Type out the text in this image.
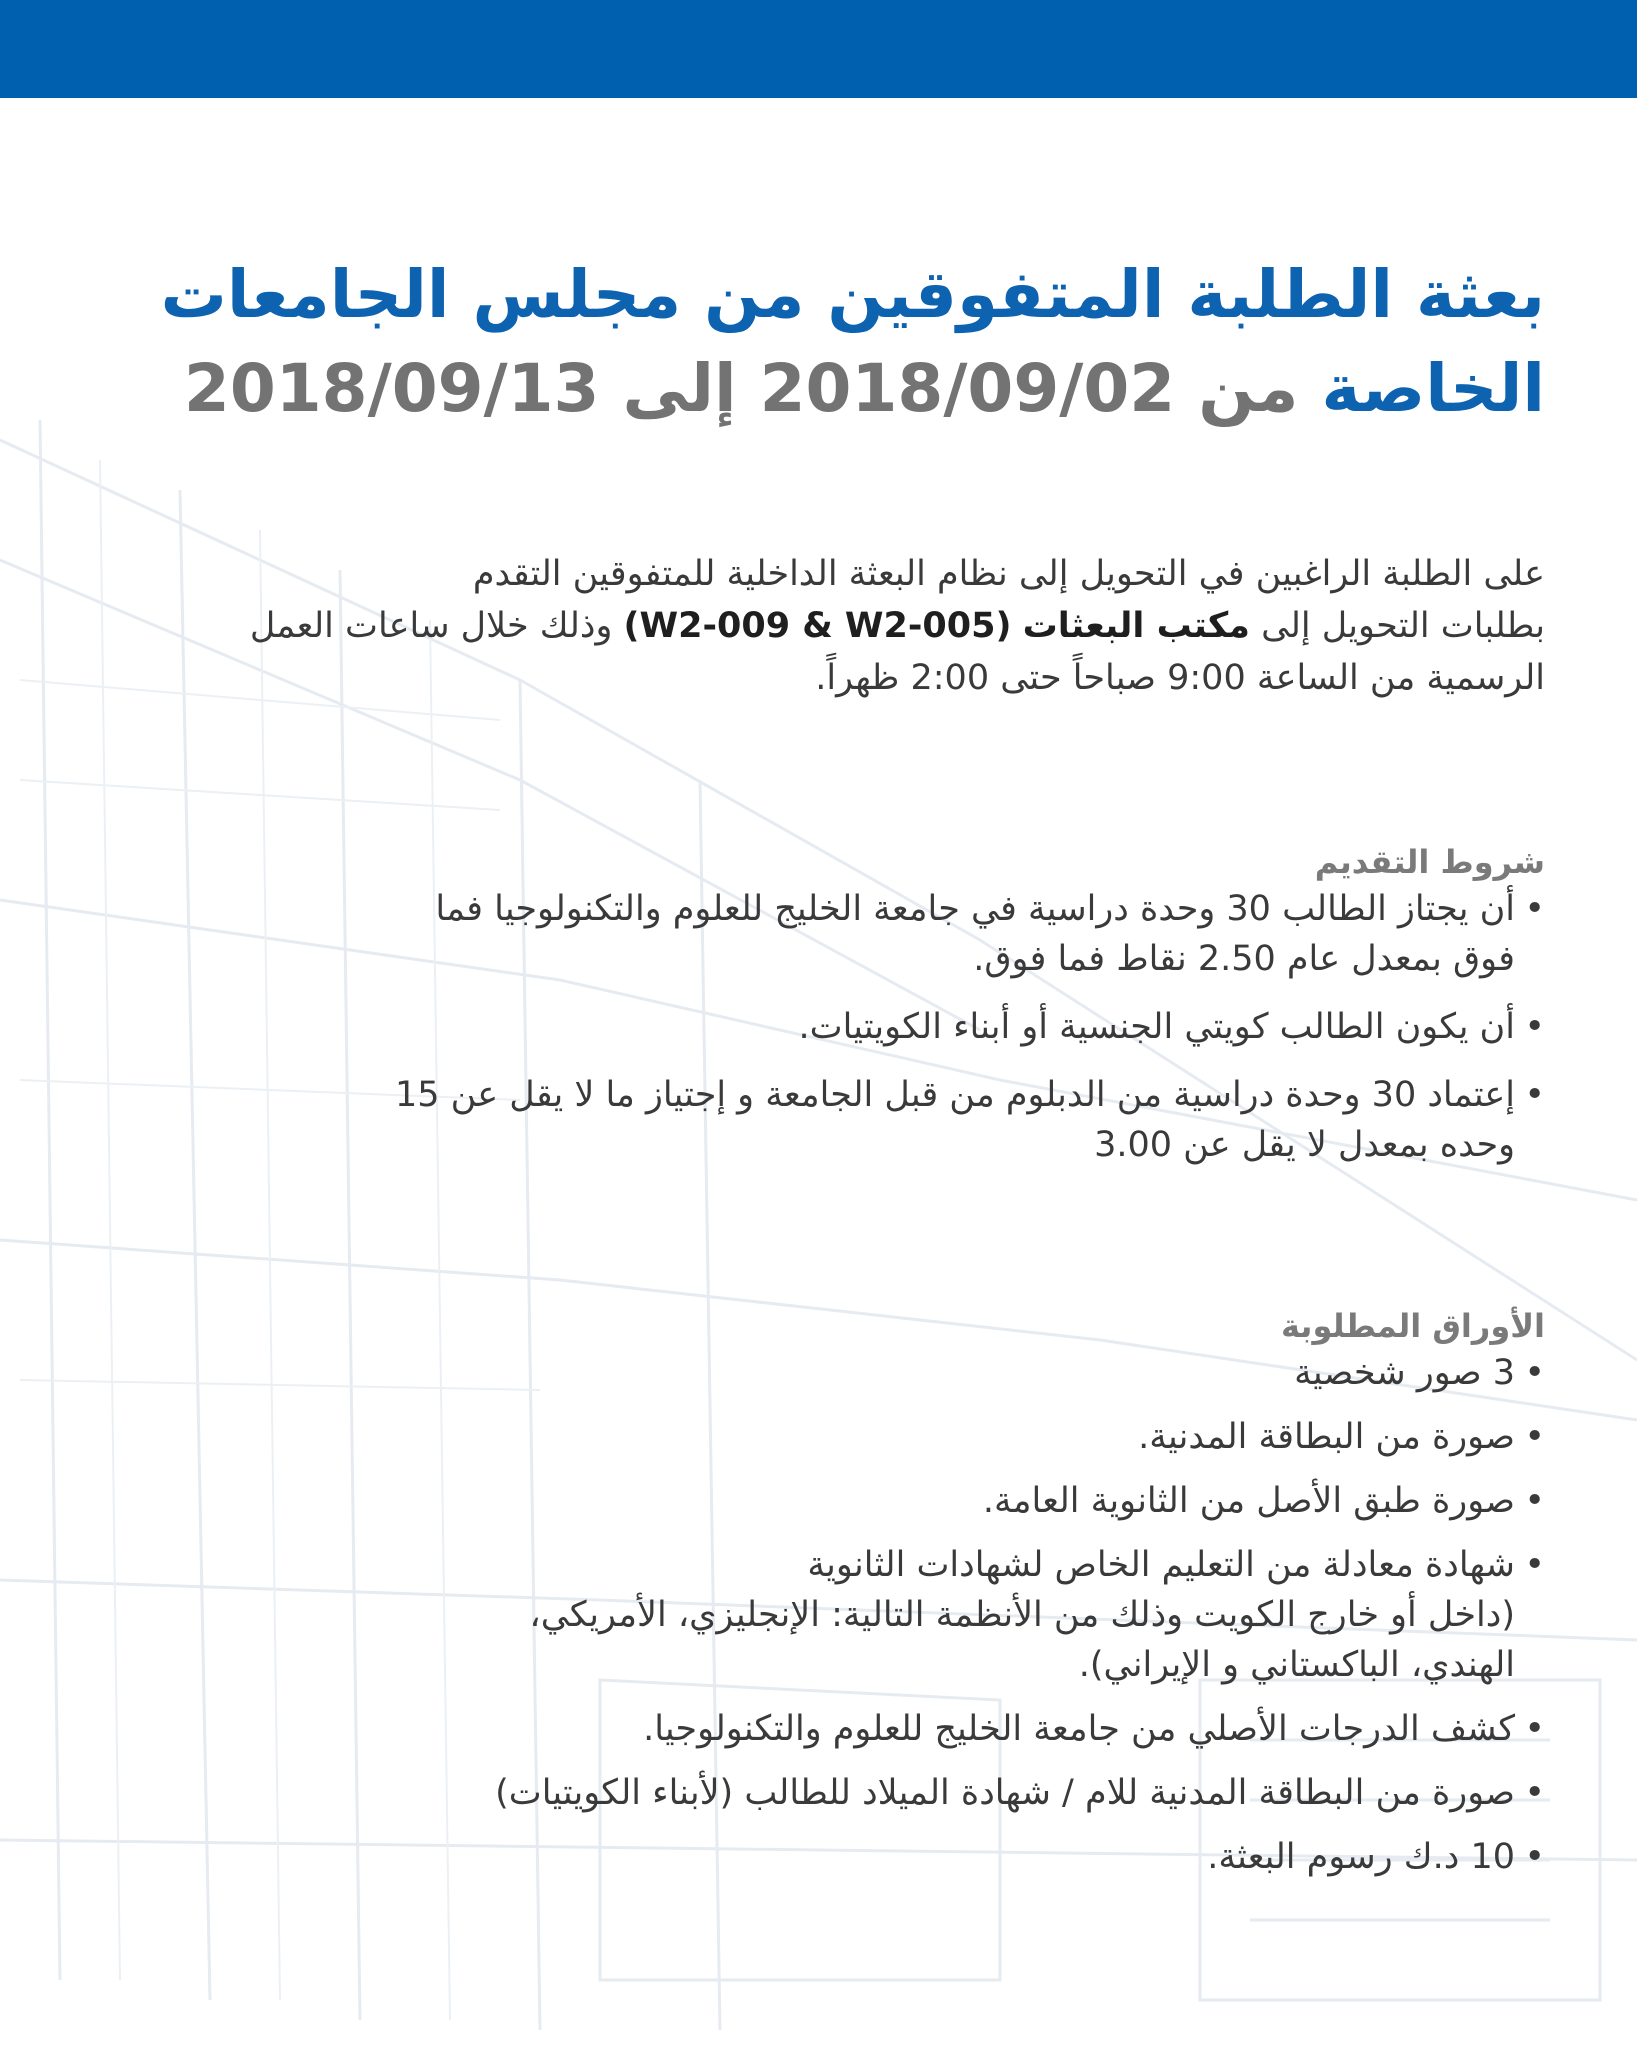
بعثة الطلبة المتفوقين من مجلس الجامعات
الخاصة من 2018/09/02 إلى 2018/09/13

على الطلبة الراغبين في التحويل إلى نظام البعثة الداخلية للمتفوقين التقدم

بطلبات التحويل إلى مكتب البعثات (W2-009 & W2-005) وذلك خلال ساعات العمل

الرسمية من الساعة 9:00 صباحاً حتى 2:00 ظهراً.

شروط التقديم
• أن يجتاز الطالب 30 وحدة دراسية في جامعة الخليج للعلوم والتكنولوجيا فما
فوق بمعدل عام 2.50 نقاط فما فوق.
• أن يكون الطالب كويتي الجنسية أو أبناء الكويتيات.
• إعتماد 30 وحدة دراسية من الدبلوم من قبل الجامعة و إجتياز ما لا يقل عن 15
وحده بمعدل لا يقل عن 3.00
الأوراق المطلوبة
• 3 صور شخصية
• صورة من البطاقة المدنية.
• صورة طبق الأصل من الثانوية العامة.
• شهادة معادلة من التعليم الخاص لشهادات الثانوية
(داخل أو خارج الكويت وذلك من الأنظمة التالية: الإنجليزي، الأمريكي،
الهندي، الباكستاني و الإيراني).
• كشف الدرجات الأصلي من جامعة الخليج للعلوم والتكنولوجيا.
• صورة من البطاقة المدنية للام / شهادة الميلاد للطالب (لأبناء الكويتيات)
• 10 د.ك رسوم البعثة.
